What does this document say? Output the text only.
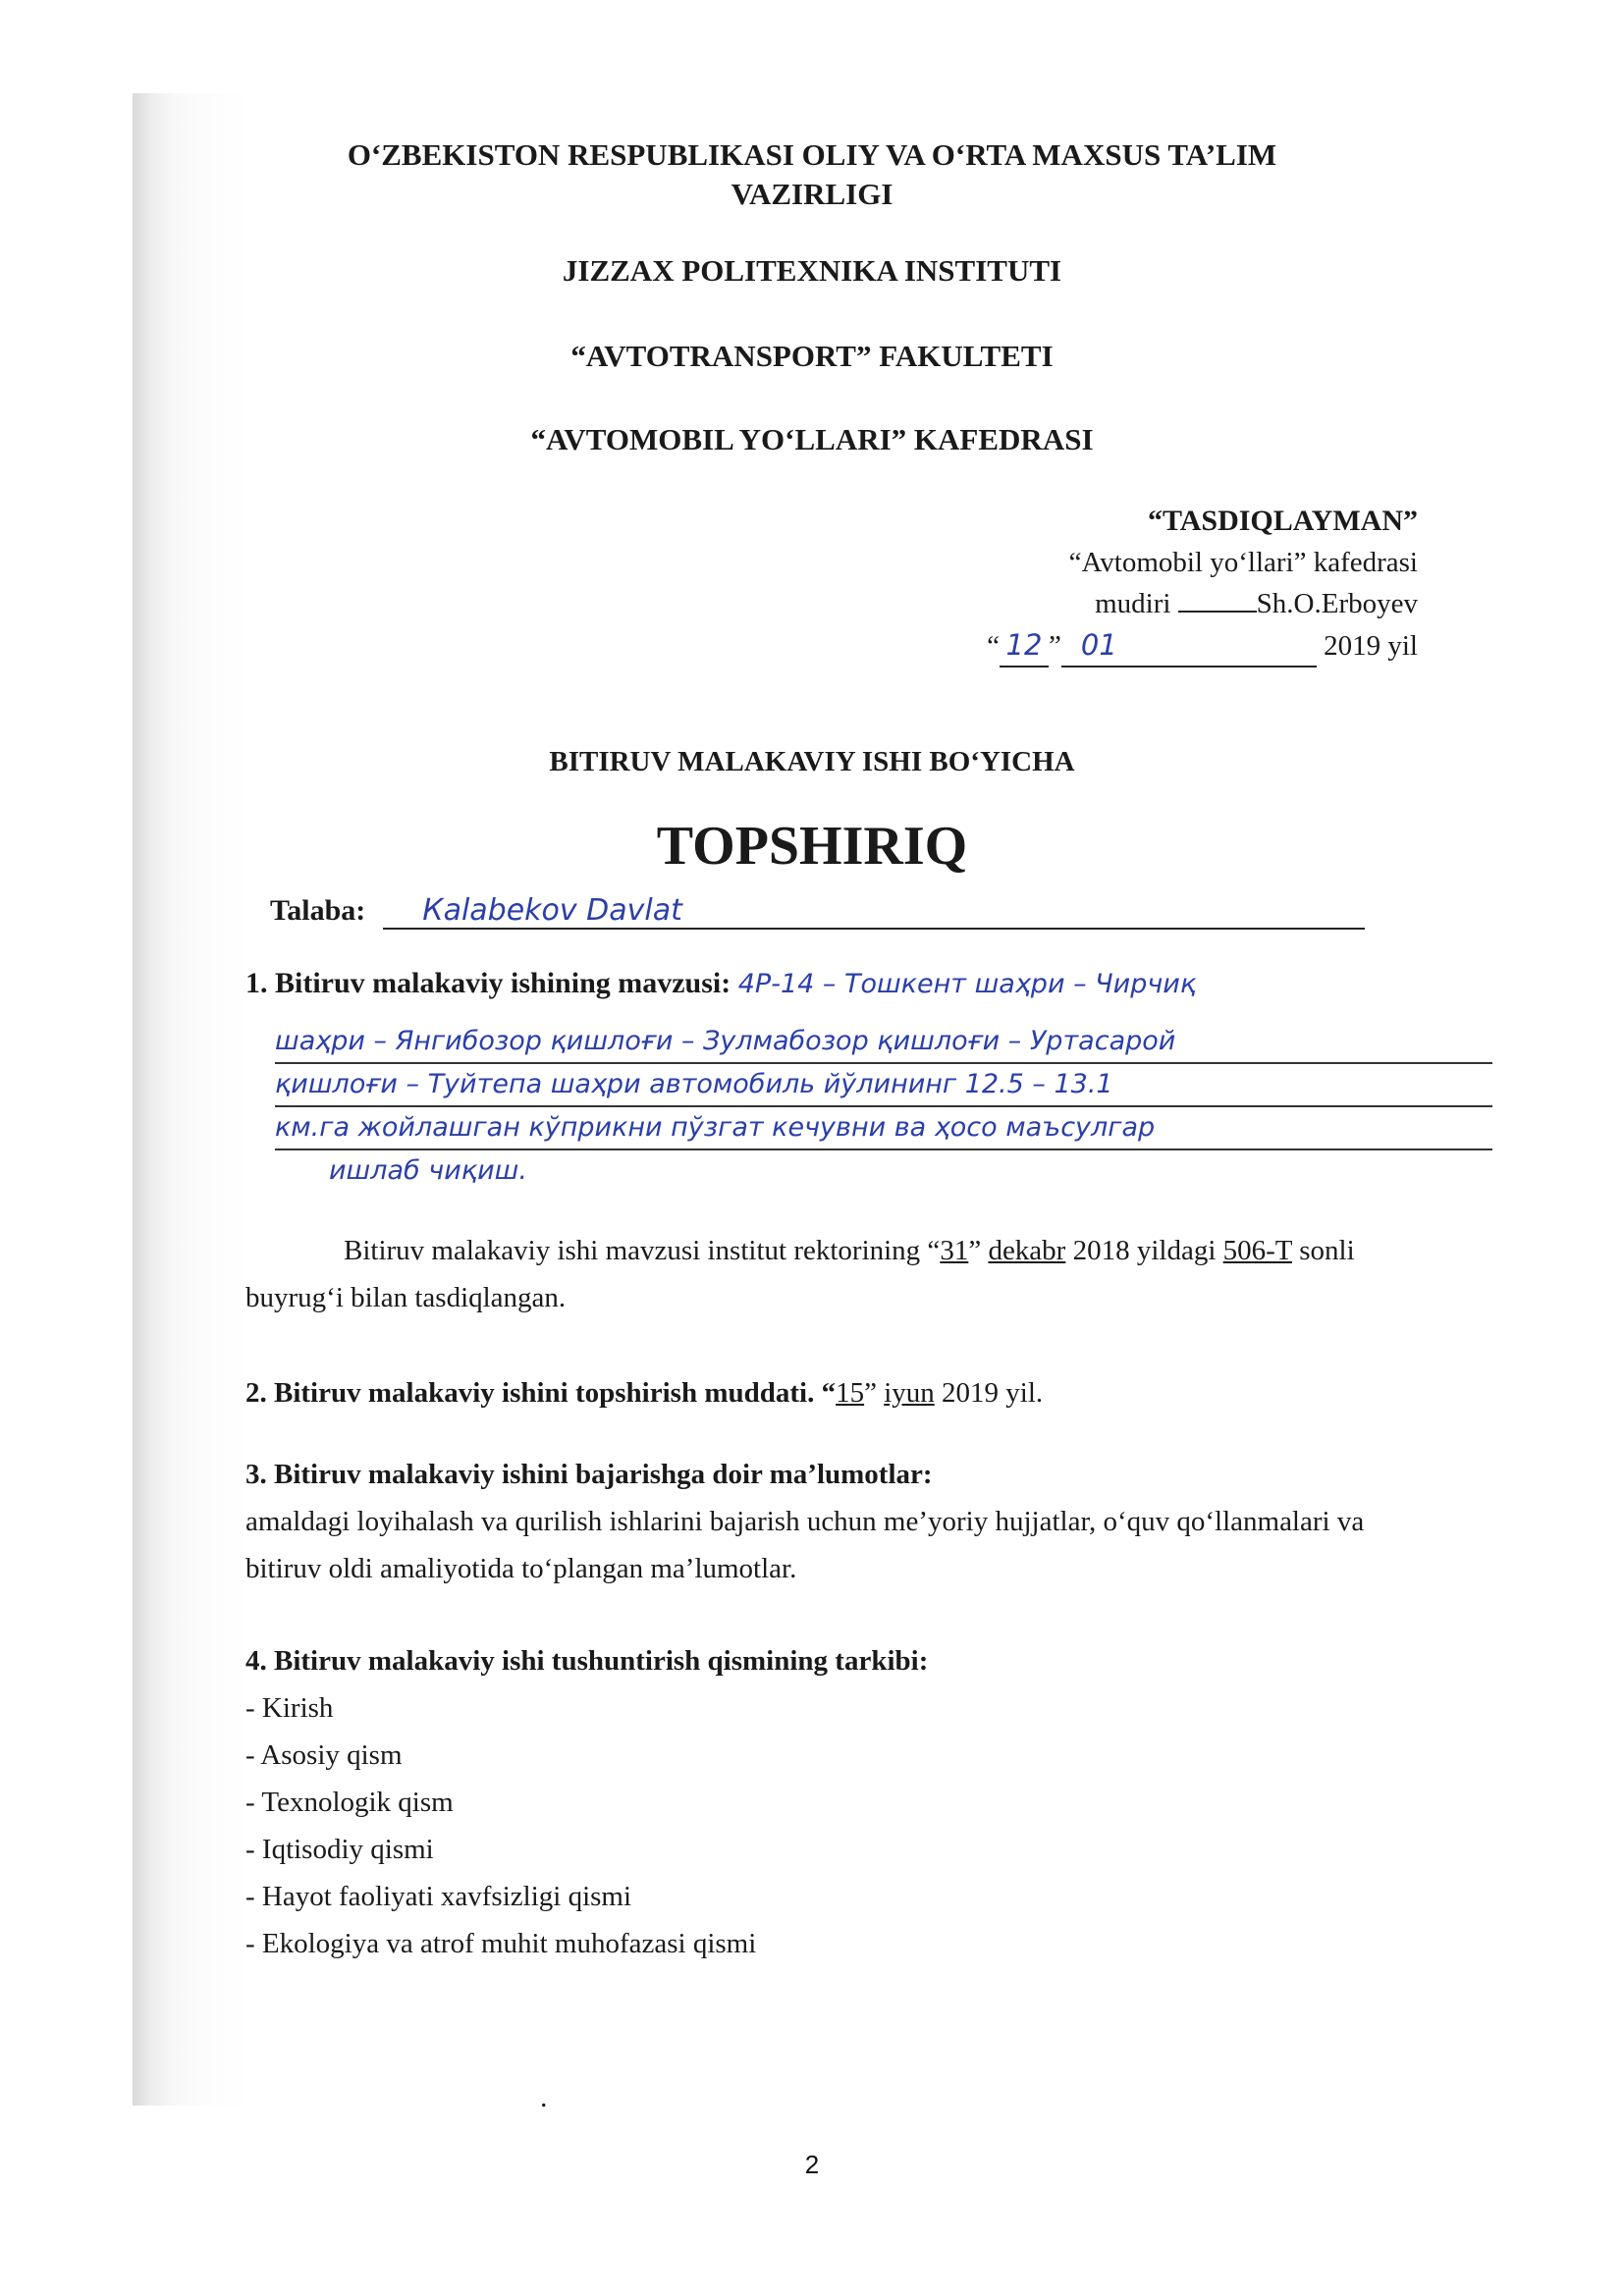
O‘ZBEKISTON RESPUBLIKASI OLIY VA O‘RTA MAXSUS TA’LIM
VAZIRLIGI
JIZZAX POLITEXNIKA INSTITUTI
“AVTOTRANSPORT” FAKULTETI
“AVTOMOBIL YO‘LLARI” KAFEDRASI
“TASDIQLAYMAN”
“Avtomobil yo‘llari” kafedrasi
mudiri	Sh.O.Erboyev
“ 12 ” 01	2019 yil
BITIRUV MALAKAVIY ISHI BO‘YICHA
TOPSHIRIQ
Talaba: Каlabеkоv Dаvlat
1. Bitiruv malakaviy ishining mavzusi: 4Р-14 – Тошкент шаҳри – Чирчиқ
шаҳри – Янгибозор қишлоғи – Зулмабозор қишлоғи – Уртасарой
қишлоғи – Туйтепа шаҳри автомобиль йўлининг 12.5 – 13.1
км.га жойлашган кўприкни пўзгат кечувни ва ҳосо маъсулгар
ишлаб чиқиш.
Bitiruv malakaviy ishi mavzusi institut rektorining “31” dekabr 2018 yildagi 506-T sonli buyrug‘i bilan tasdiqlangan.
2. Bitiruv malakaviy ishini topshirish muddati. “15” iyun 2019 yil.
3. Bitiruv malakaviy ishini bajarishga doir ma’lumotlar:
amaldagi loyihalash va qurilish ishlarini bajarish uchun me’yoriy hujjatlar, o‘quv qo‘llanmalari va bitiruv oldi amaliyotida to‘plangan ma’lumotlar.
4. Bitiruv malakaviy ishi tushuntirish qismining tarkibi:
- Kirish
- Asosiy qism
- Texnologik qism
- Iqtisodiy qismi
- Hayot faoliyati xavfsizligi qismi
- Ekologiya va atrof muhit muhofazasi qismi
.
2
